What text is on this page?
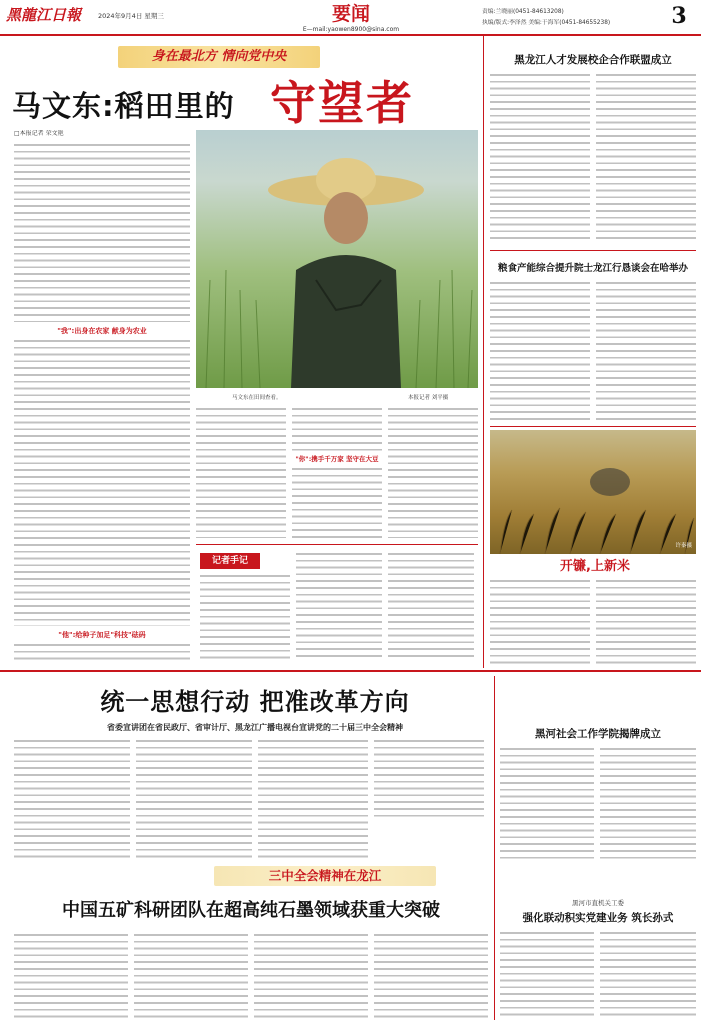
黑龍江日報	2024年9月4日 星期三	要闻
E—mail:yaowen8900@sina.com
责编:兰晓丽(0451-84613208)
执编/版式:李泽然 美编:于海军(0451-84655238)	3
身在最北方 情向党中央
马文东:稻田里的 守望者
马文东在田间查看。	本报记者 刘平摄
□本报记者 荣文艳
"我":出身在农家 献身为农业
"他":给种子加足"科技"砝码
"你":携手千万家 坚守在大豆
记者手记
黑龙江人才发展校企合作联盟成立
粮食产能综合提升院士龙江行恳谈会在哈举办
许秦摄
开镰,上新米
统一思想行动 把准改革方向
省委宣讲团在省民政厅、省审计厅、黑龙江广播电视台宣讲党的二十届三中全会精神
黑河社会工作学院揭牌成立
三中全会精神在龙江
中国五矿科研团队在超高纯石墨领域获重大突破	黑河市直机关工委
强化联动积实党建业务 筑长孙式
